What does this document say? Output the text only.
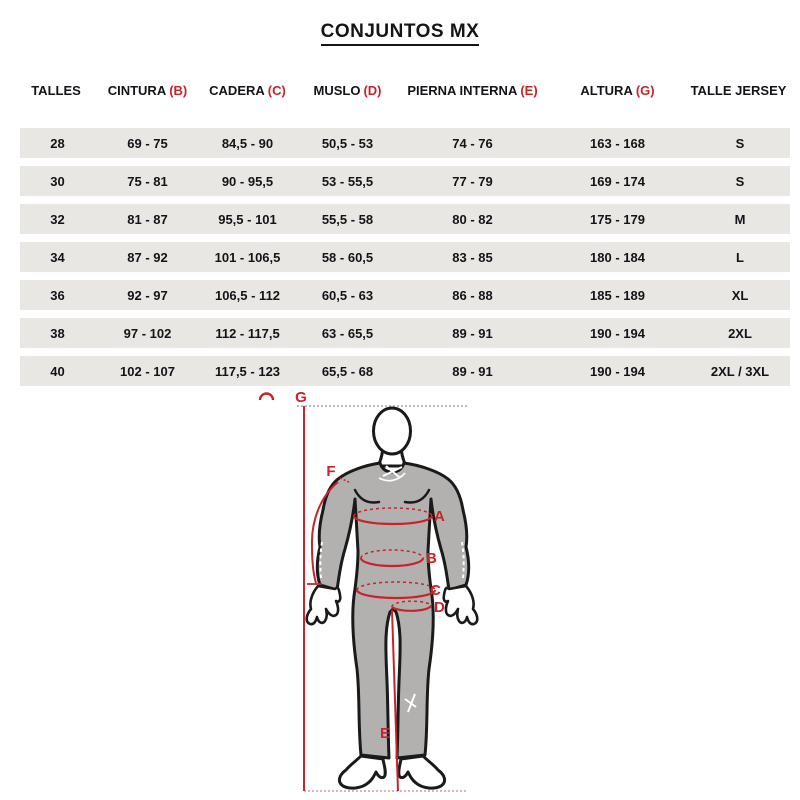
CONJUNTOS MX
TALLES	CINTURA (B)	CADERA (C)	MUSLO (D)	PIERNA INTERNA (E)	ALTURA (G)	TALLE JERSEY
28	69 - 75	84,5 - 90	50,5 - 53	74 - 76	163 - 168	S
30	75 - 81	90 - 95,5	53 - 55,5	77 - 79	169 - 174	S
32	81 - 87	95,5 - 101	55,5 - 58	80 - 82	175 - 179	M
34	87 - 92	101 - 106,5	58 - 60,5	83 - 85	180 - 184	L
36	92 - 97	106,5 - 112	60,5 - 63	86 - 88	185 - 189	XL
38	97 - 102	112 - 117,5	63 - 65,5	89 - 91	190 - 194	2XL
40	102 - 107	117,5 - 123	65,5 - 68	89 - 91	190 - 194	2XL / 3XL
G
F
A
B
C
D
E
